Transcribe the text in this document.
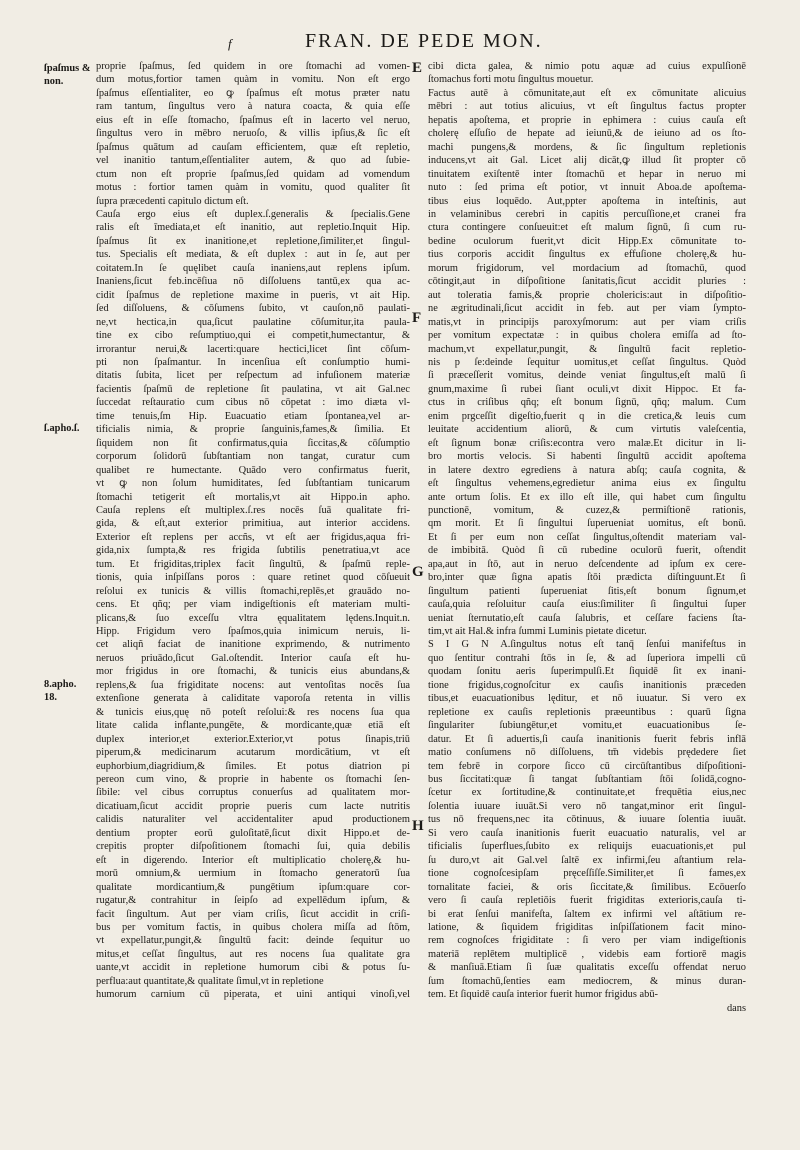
f	FRAN. DE PEDE MON.
ſpaſmus &
non.
ſ.apho.ſ.
8.apho.
18.
E
F
G
H
proprie ſpaſmus, ſed quidem in ore ſtomachi ad vomen-
dum motus,fortior tamen quàm in vomitu. Non eſt ergo
ſpaſmus eſſentialiter, eo ꝙ ſpaſmus eſt motus præter natu
ram tantum, ſingultus vero à natura coacta, & quia eſſe
eius eſt in eſſe ſtomacho, ſpaſmus eſt in lacerto vel neruo,
ſingultus vero in mēbro neruoſo, & villis ipſius,& ſic eſt
ſpaſmus quātum ad cauſam efficientem, quæ eſt repletio,
vel inanitio tantum,eſſentialiter autem, & quo ad ſubie-
ctum non eſt proprie ſpaſmus,ſed quidam ad vomendum
motus : fortior tamen quàm in vomitu, quod qualiter ſit
ſupra præcedenti capitulo dictum eſt.
Cauſa ergo eius eſt duplex.ſ.generalis & ſpecialis.Gene
ralis eſt īmediata,et eſt inanitio, aut repletio.Inquit Hip.
ſpaſmus ſit ex inanitione,et repletione,ſimiliter,et ſingul-
tus. Specialis eſt mediata, & eſt duplex : aut in ſe, aut per
coitatem.In ſe quęlibet cauſa inaniens,aut replens ipſum.
Inaniens,ſicut feb.incēſiua nō diſſoluens tantū,ex qua ac-
cidit ſpaſmus de repletione maxime in pueris, vt ait Hip.
ſed diſſoluens, & cōſumens ſubito, vt cauſon,nō paulati-
ne,vt hectica,in qua,ſicut paulatine cōſumitur,ita paula-
tine ex cibo reſumptiuo,qui ei competit,humectantur, &
irrorantur nerui,& lacerti:quare hectici,licet ſint cōſum-
pti non ſpaſmantur. In incenſiua eſt conſumptio humi-
ditatis ſubita, licet per reſpectum ad infuſionem materiæ
facientis ſpaſmū de repletione ſit paulatina, vt ait Gal.nec
ſuccedat reſtauratio cum cibus nō cōpetat : imo diæta vl-
time tenuis,ſm Hip. Euacuatio etiam ſpontanea,vel ar-
tificialis nimia, & proprie ſanguinis,fames,& ſimilia. Et
ſiquidem non ſit confirmatus,quia ſiccitas,& cōſumptio
corporum ſolidorū ſubſtantiam non tangat, curatur cum
qualibet re humectante. Quādo vero confirmatus fuerit,
vt ꝙ non ſolum humiditates, ſed ſubſtantiam tunicarum
ſtomachi tetigerit eſt mortalis,vt ait Hippo.in apho.
Cauſa replens eſt multiplex.ſ.res nocēs ſuā qualitate fri-
gida, & eſt,aut exterior primitiua, aut interior accidens.
Exterior eſt replens per accñs, vt eſt aer frigidus,aqua fri-
gida,nix ſumpta,& res frigida ſubtilis penetratiua,vt ace
tum. Et frigiditas,triplex facit ſingultū, & ſpaſmū reple-
tionis, quia inſpiſſans poros : quare retinet quod cōſueuit
reſolui ex tunicis & villis ſtomachi,replēs,et grauādo no-
cens. Et qñq; per viam indigeſtionis eſt materiam multi-
plicans,& ſuo exceſſu vltra ęqualitatem lędens.Inquit.n.
Hipp. Frigidum vero ſpaſmos,quia inimicum neruis, li-
cet aliqñ faciat de inanitione exprimendo, & nutrimento
neruos priuādo,ſicut Gal.oſtendit. Interior cauſa eſt hu-
mor frigidus in ore ſtomachi, & tunicis eius abundans,&
replens,& ſua frigiditate nocens: aut ventoſitas nocēs ſua
extenſione generata à caliditate vaporoſa retenta in villis
& tunicis eius,quę nō poteſt reſolui:& res nocens ſua qua
litate calida inflante,pungēte, & mordicante,quæ etiā eſt
duplex interior,et exterior.Exterior,vt potus ſinapis,triū
piperum,& medicinarum acutarum mordicātium, vt eſt
euphorbium,diagridium,& ſimiles. Et potus diatrion pi
pereon cum vino, & proprie in habente os ſtomachi ſen-
ſibile: vel cibus corruptus conuerſus ad qualitatem mor-
dicatiuam,ſicut accidit proprie pueris cum lacte nutritis
calidis naturaliter vel accidentaliter apud productionem
dentium propter eorū guloſitatē,ſicut dixit Hippo.et de-
crepitis propter diſpoſitionem ſtomachi ſui, quia debilis
eſt in digerendo. Interior eſt multiplicatio cholerę,& hu-
morū omnium,& uermium in ſtomacho generatorū ſua
qualitate mordicantium,& pungētium ipſum:quare cor-
rugatur,& contrahitur in ſeipſo ad expellēdum ipſum, &
facit ſingultum. Aut per viam criſis, ſicut accidit in criſi-
bus per vomitum factis, in quibus cholera miſſa ad ſtōm,
vt expellatur,pungit,& ſingultū facit: deinde ſequitur uo
mitus,et ceſſat ſingultus, aut res nocens ſua qualitate gra
uante,vt accidit in repletione humorum cibi & potus ſu-
perflua:aut quantitate,& qualitate ſimul,vt in repletione
humorum carnium cū piperata, et uini antiqui vinoſi,vel
cibi dicta galea, & nimio potu aquæ ad cuius expulſionē
ſtomachus forti motu ſingultus mouetur.
Factus autē à cōmunitate,aut eſt ex cōmunitate alicuius
mēbri : aut totius alicuius, vt eſt ſingultus factus propter
hepatis apoſtema, et proprie in ephimera : cuius cauſa eſt
cholerę eſſuſio de hepate ad ieiunū,& de ieiuno ad os ſto-
machi pungens,& mordens, & ſic ſingultum repletionis
inducens,vt ait Gal. Licet alij dicāt,ꝙ illud ſit propter cō
tinuitatem exiſtentē inter ſtomachū et hepar in neruo mi
nuto : ſed prima eſt potior, vt innuit Aboa.de apoſtema-
tibus eius loquēdo. Aut,ppter apoſtema in inteſtinis, aut
in velaminibus cerebri in capitis percuſſione,et cranei fra
ctura contingere conſueuit:et eſt malum ſignū, ſi cum ru-
bedine oculorum fuerit,vt dicit Hipp.Ex cōmunitate to-
tius corporis accidit ſingultus ex effuſione cholerę,& hu-
morum frigidorum, vel mordacium ad ſtomachū, quod
cōtingit,aut in diſpoſitione ſanitatis,ſicut accidit pluries :
aut toleratia famis,& proprie cholericis:aut in diſpoſitio-
ne ægritudinali,ſicut accidit in feb. aut per viam ſympto-
matis,vt in principijs paroxyſmorum: aut per viam criſis
per vomitum expectatæ : in quibus cholera emiſſa ad ſto-
machum,vt expellatur,pungit, & ſingultū facit repletio-
nis p ſe:deinde ſequitur uomitus,et ceſſat ſingultus. Quòd
ſi præceſſerit vomitus, deinde veniat ſingultus,eſt malū ſi
gnum,maxime ſi rubei ſiant oculi,vt dixit Hippoc. Et fa-
ctus in criſibus qñq; eſt bonum ſignū, qñq; malum. Cum
enim prgceſſit digeſtio,fuerit q in die cretica,& leuis cum
leuitate accidentium aliorū, & cum virtutis valeſcentia,
eſt ſignum bonæ criſis:econtra vero malæ.Et dicitur in li-
bro mortis velocis. Si habenti ſingultū accidit apoſtema
in latere dextro egrediens à natura abſq; cauſa cognita, &
eſt ſingultus vehemens,egredietur anima eius ex ſingultu
ante ortum ſolis. Et ex illo eſt ille, qui habet cum ſingultu
punctionē, vomitum, & cuzez,& permiſtionē rationis,
qm morit. Et ſi ſingultui ſuperueniat uomitus, eſt bonū.
Et ſi per eum non ceſſat ſingultus,oſtendit materiam val-
de imbibitā. Quòd ſi cū rubedine oculorū fuerit, oſtendit
apa,aut in ſtō, aut in neruo deſcendente ad ipſum ex cere-
bro,inter quæ ſigna apatis ſtōi prædicta diſtinguunt.Et ſi
ſingultum patienti ſuperueniat ſitis,eſt bonum ſignum,et
cauſa,quia reſoluitur cauſa eius:ſimiliter ſi ſingultui ſuper
ueniat ſternutatio,eſt cauſa ſalubris, et ceſſare faciens ſta-
tim,vt ait Hal.& infra ſummi Luminis pietate dicetur.
S I G N A.ſingultus notus eſt tanq̄ ſenſui manifeſtus in
quo ſentitur contrahi ſtōs in ſe, & ad ſuperiora impelli cū
quodam ſonitu aeris ſuperimpulſi.Et ſiquidē ſit ex inani-
tione frigidus,cognoſcitur ex cauſis inanitionis præceden
tibus,et euacuationibus lęditur, et nō iuuatur. Si vero ex
repletione ex cauſis repletionis præeuntibus : quarū ſigna
ſingulariter ſubiungētur,et vomitu,et euacuationibus ſe-
datur. Et ſi aduertis,ſi cauſa inanitionis fuerit febris inflā
matio conſumens nō diſſoluens, tm̄ videbis prędedere ſiet
tem febrē in corpore ſicco cū circūſtantibus diſpoſitioni-
bus ſiccitati:quæ ſi tangat ſubſtantiam ſtōi ſolidā,cogno-
ſcetur ex ſortitudine,& continuitate,et frequētia eius,nec
ſolentia iuuare iuuāt.Si vero nō tangat,minor erit ſingul-
tus nō frequens,nec ita cōtinuus, & iuuare ſolentia iuuāt.
Si vero cauſa inanitionis fuerit euacuatio naturalis, vel ar
tificialis ſuperflues,ſubito ex reliquijs euacuationis,et pul
ſu duro,vt ait Gal.vel ſaltē ex infirmi,ſeu aſtantium rela-
tione cognoſcesipſam pręceſſiſſe.Similiter,et ſi fames,ex
tornalitate faciei, & oris ſiccitate,& ſimilibus. Ecōuerſo
vero ſi cauſa repletiōis fuerit frigiditas exterioris,cauſa ti-
bi erat ſenſui manifeſta, ſaltem ex infirmi vel aſtātium re-
latione, & ſiquidem frigiditas inſpiſſationem facit mino-
rem cognoſces frigiditate : ſi vero per viam indigeſtionis
materiā replētem multiplicē , videbis eam fortiorē magis
& manſiuā.Etiam ſi ſuæ qualitatis exceſſu offendat neruo
ſum ſtomachū,ſenties eam mediocrem, & minus duran-
tem. Et ſiquidē cauſa interior fuerit humor frigidus abū-
dans
